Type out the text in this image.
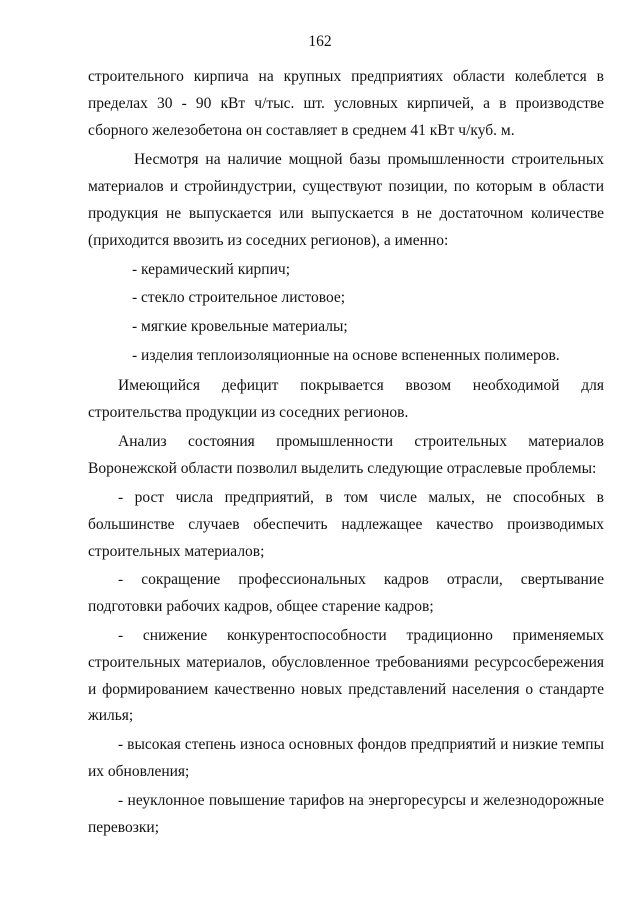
162

строительного кирпича на крупных предприятиях области колеблется в пределах 30 - 90 кВт ч/тыс. шт. условных кирпичей, а в производстве сборного железобетона он составляет в среднем 41 кВт ч/куб. м.

Несмотря на наличие мощной базы промышленности строительных материалов и стройиндустрии, существуют позиции, по которым в области продукция не выпускается или выпускается в не достаточном количестве (приходится ввозить из соседних регионов), а именно:

- керамический кирпич;

- стекло строительное листовое;

- мягкие кровельные материалы;

- изделия теплоизоляционные на основе вспененных полимеров.

Имеющийся дефицит покрывается ввозом необходимой для строительства продукции из соседних регионов.

Анализ состояния промышленности строительных материалов Воронежской области позволил выделить следующие отраслевые проблемы:

- рост числа предприятий, в том числе малых, не способных в большинстве случаев обеспечить надлежащее качество производимых строительных материалов;

- сокращение профессиональных кадров отрасли, свертывание подготовки рабочих кадров, общее старение кадров;

- снижение конкурентоспособности традиционно применяемых строительных материалов, обусловленное требованиями ресурсосбережения и формированием качественно новых представлений населения о стандарте жилья;

- высокая степень износа основных фондов предприятий и низкие темпы их обновления;

- неуклонное повышение тарифов на энергоресурсы и железнодорожные перевозки;
